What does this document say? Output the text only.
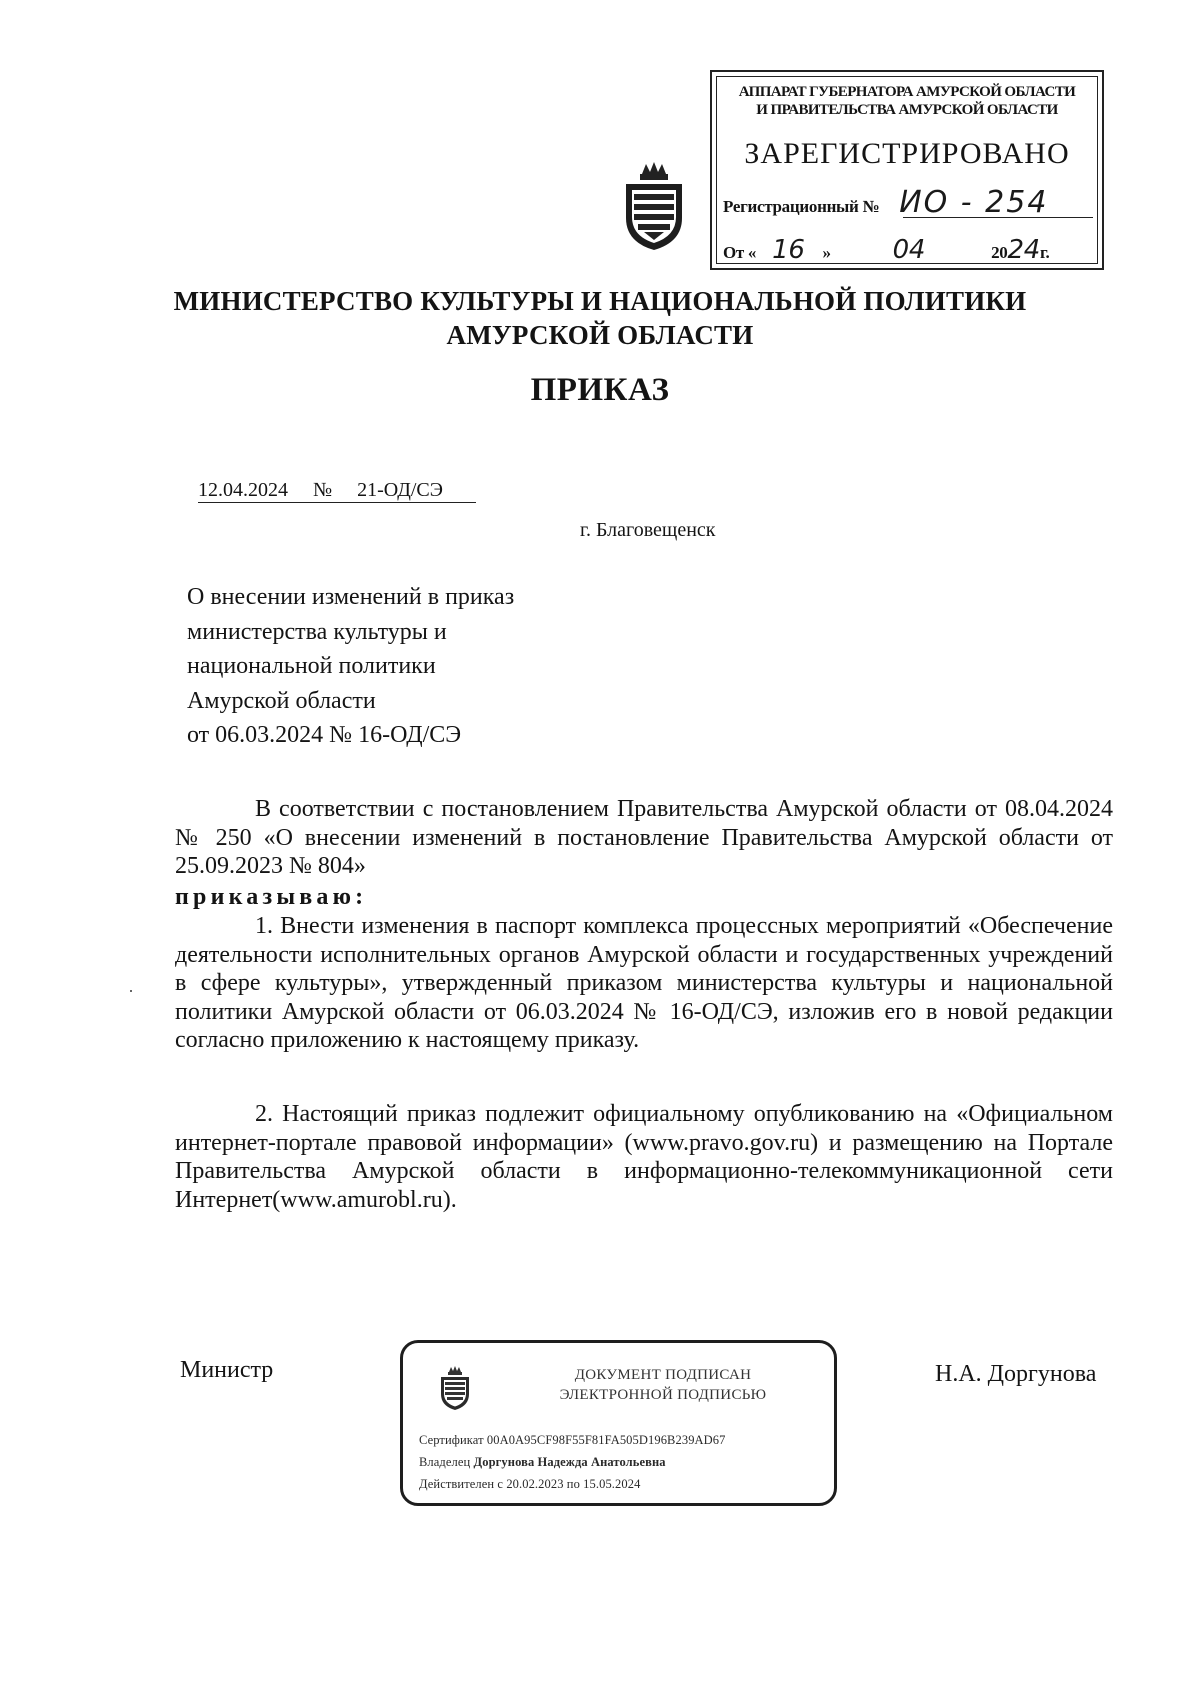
АППАРАТ ГУБЕРНАТОРА АМУРСКОЙ ОБЛАСТИ
И ПРАВИТЕЛЬСТВА АМУРСКОЙ ОБЛАСТИ
ЗАРЕГИСТРИРОВАНО
Регистрационный № ИО - 254
От « 16 » 04	2024г.
МИНИСТЕРСТВО КУЛЬТУРЫ И НАЦИОНАЛЬНОЙ ПОЛИТИКИ
АМУРСКОЙ ОБЛАСТИ
ПРИКАЗ
12.04.2024 № 21-ОД/СЭ
г. Благовещенск
О внесении изменений в приказ
министерства культуры и
национальной политики
Амурской области
от 06.03.2024 № 16-ОД/СЭ
В соответствии с постановлением Правительства Амурской области от 08.04.2024 № 250 «О внесении изменений в постановление Правительства Амурской области от 25.09.2023 № 804»
приказываю:
1. Внести изменения в паспорт комплекса процессных мероприятий «Обеспечение деятельности исполнительных органов Амурской области и государственных учреждений в сфере культуры», утвержденный приказом министерства культуры и национальной политики Амурской области от 06.03.2024 № 16-ОД/СЭ, изложив его в новой редакции согласно приложению к настоящему приказу.
2. Настоящий приказ подлежит официальному опубликованию на «Официальном интернет-портале правовой информации» (www.pravo.gov.ru) и размещению на Портале Правительства Амурской области в информационно-телекоммуникационной сети Интернет(www.amurobl.ru).
Министр	ДОКУМЕНТ ПОДПИСАН
ЭЛЕКТРОННОЙ ПОДПИСЬЮ
Сертификат 00A0A95CF98F55F81FA505D196B239AD67
Владелец Доргунова Надежда Анатольевна
Действителен с 20.02.2023 по 15.05.2024
Н.А. Доргунова
